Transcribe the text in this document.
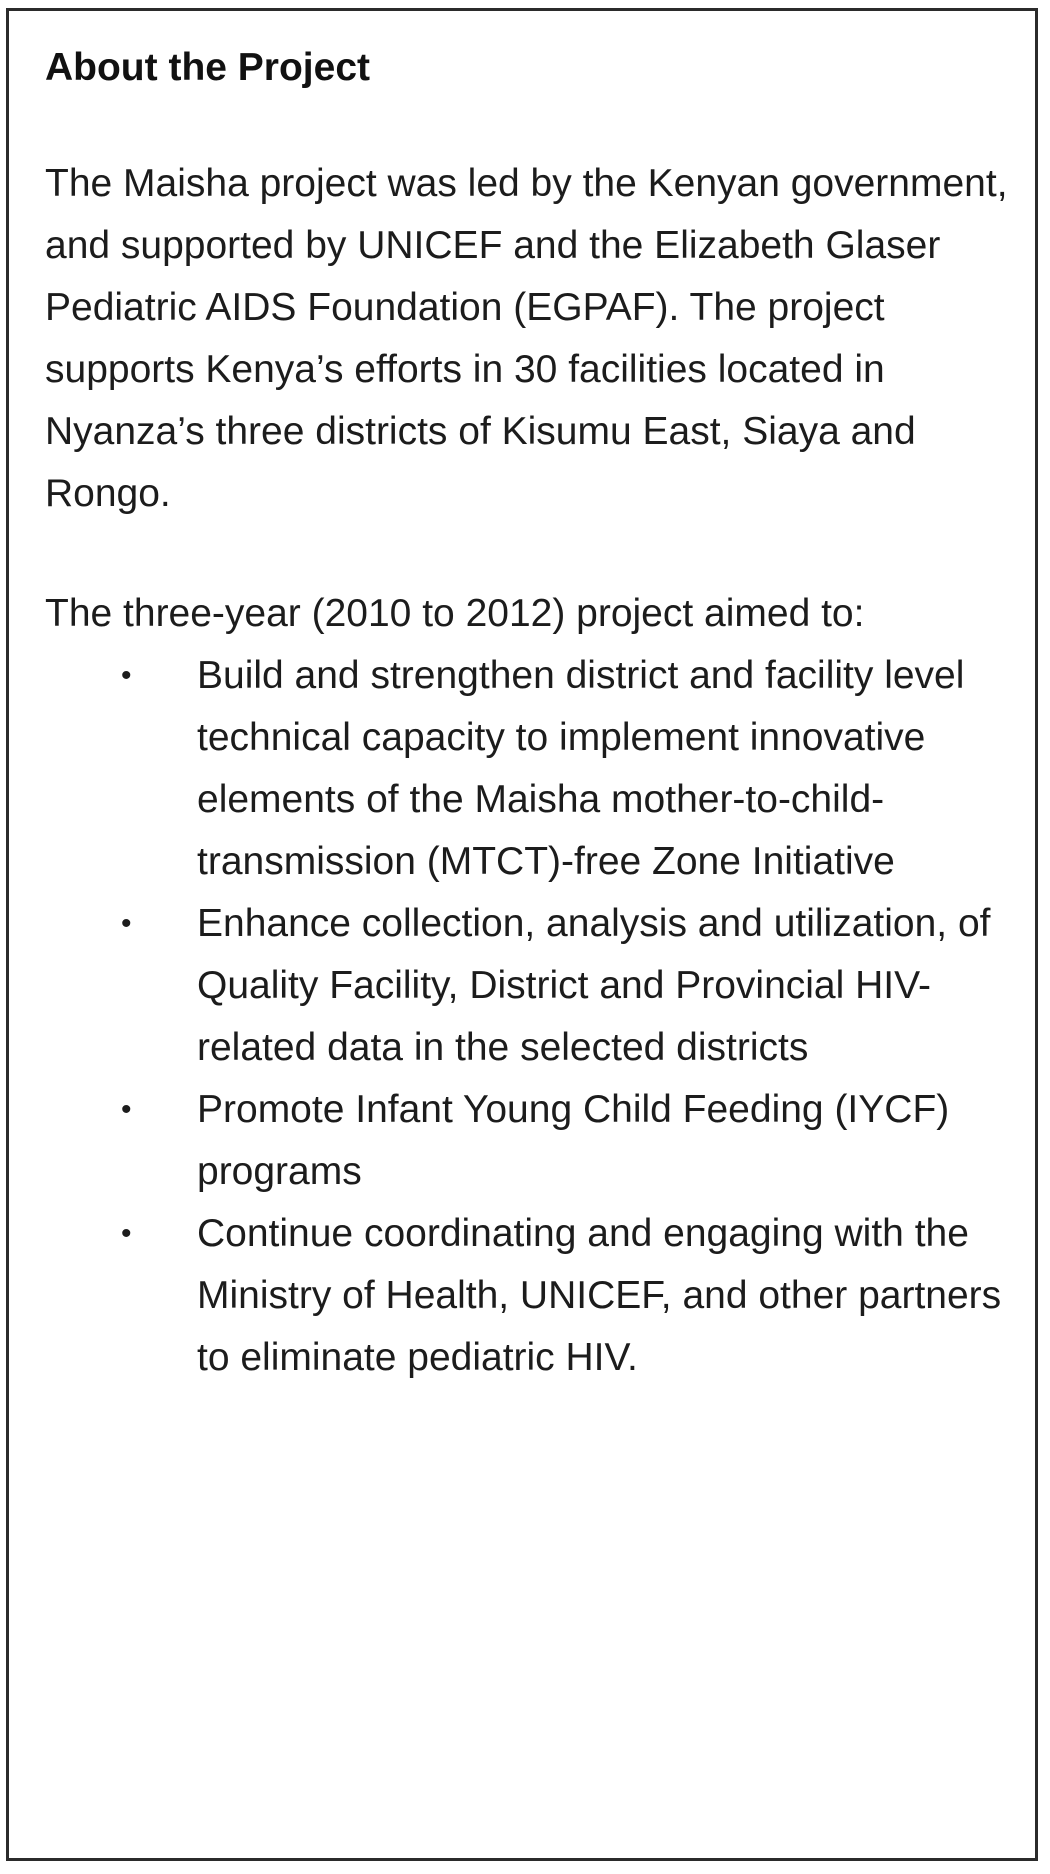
About the Project

The Maisha project was led by the Kenyan government, and supported by UNICEF and the Elizabeth Glaser Pediatric AIDS Foundation (EGPAF). The project supports Kenya’s efforts in 30 facilities located in Nyanza’s three districts of Kisumu East, Siaya and Rongo.

The three-year (2010 to 2012) project aimed to:

• Build and strengthen district and facility level technical capacity to implement innovative elements of the Maisha mother-to-child-transmission (MTCT)-free Zone Initiative
• Enhance collection, analysis and utilization, of Quality Facility, District and Provincial HIV-related data in the selected districts
• Promote Infant Young Child Feeding (IYCF) programs
• Continue coordinating and engaging with the Ministry of Health, UNICEF, and other partners to eliminate pediatric HIV.
